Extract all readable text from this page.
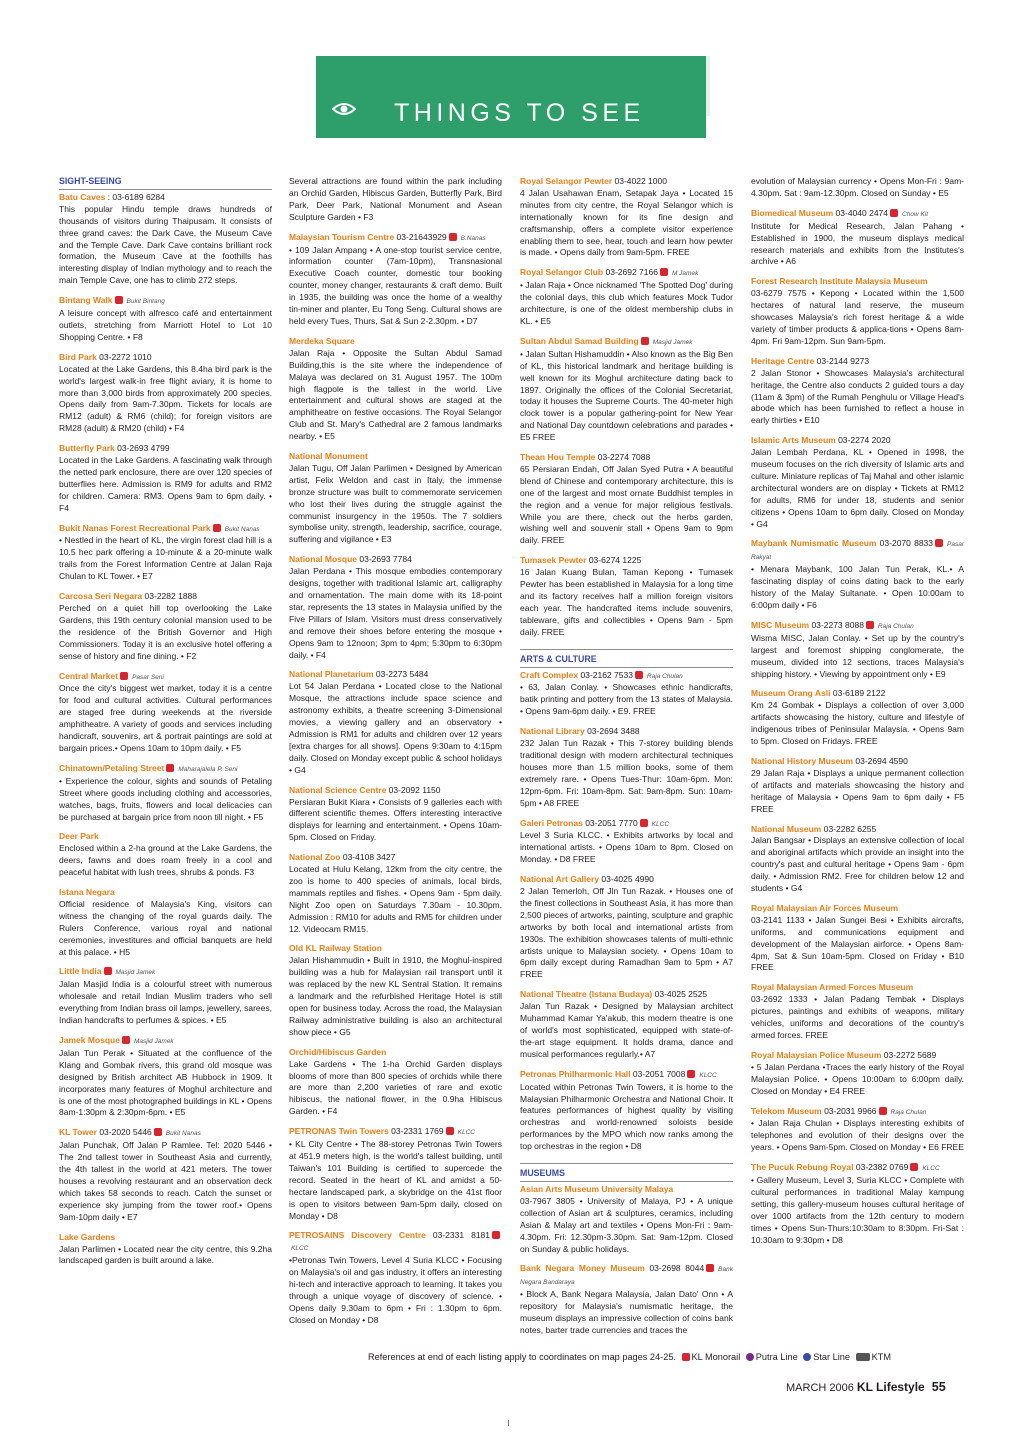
THINGS TO SEE
SIGHT-SEEING
Batu Caves : 03-6189 6284
This popular Hindu temple draws hundreds of thousands of visitors during Thaipusam. It consists of three grand caves: the Dark Cave, the Museum Cave and the Temple Cave. Dark Cave contains brilliant rock formation, the Museum Cave at the foothills has interesting display of Indian mythology and to reach the main Temple Cave, one has to climb 272 steps.
Bintang Walk Bukit Bintang
A leisure concept with alfresco café and entertainment outlets, stretching from Marriott Hotel to Lot 10 Shopping Centre. • F8
Bird Park 03-2272 1010
Located at the Lake Gardens, this 8.4ha bird park is the world's largest walk-in free flight aviary, it is home to more than 3,000 birds from approximately 200 species. Opens daily from 9am-7.30pm. Tickets for locals are RM12 (adult) & RM6 (child); for foreign visitors are RM28 (adult) & RM20 (child) • F4
Butterfly Park 03-2693 4799
Located in the Lake Gardens. A fascinating walk through the netted park enclosure, there are over 120 species of butterflies here. Admission is RM9 for adults and RM2 for children. Camera: RM3. Opens 9am to 6pm daily. • F4
Bukit Nanas Forest Recreational Park Bukit Nanas
• Nestled in the heart of KL, the virgin forest clad hill is a 10.5 hec park offering a 10-minute & a 20-minute walk trails from the Forest Information Centre at Jalan Raja Chulan to KL Tower. • E7
Carcosa Seri Negara 03-2282 1888
Perched on a quiet hill top overlooking the Lake Gardens, this 19th century colonial mansion used to be the residence of the British Governor and High Commissioners. Today it is an exclusive hotel offering a sense of history and fine dining. • F2
Central Market Pasar Seni
Once the city's biggest wet market, today it is a centre for food and cultural activities. Cultural performances are staged free during weekends at the riverside amphitheatre. A variety of goods and services including handicraft, souvenirs, art & portrait paintings are sold at bargain prices.• Opens 10am to 10pm daily. • F5
Chinatown/Petaling Street Maharajalela P. Seni
• Experience the colour, sights and sounds of Petaling Street where goods including clothing and accessories, watches, bags, fruits, flowers and local delicacies can be purchased at bargain price from noon till night. • F5
Deer Park
Enclosed within a 2-ha ground at the Lake Gardens, the deers, fawns and does roam freely in a cool and peaceful habitat with lush trees, shrubs & ponds. F3
Istana Negara
Official residence of Malaysia's King, visitors can witness the changing of the royal guards daily. The Rulers Conference, various royal and national ceremonies, investitures and official banquets are held at this palace. • H5
Little India Masjid Jamek
Jalan Masjid India is a colourful street with numerous wholesale and retail Indian Muslim traders who sell everything from Indian brass oil lamps, jewellery, sarees, Indian handcrafts to perfumes & spices. • E5
Jamek Mosque Masjid Jamek
Jalan Tun Perak • Situated at the confluence of the Klang and Gombak rivers, this grand old mosque was designed by British architect AB Hubbock in 1909. It incorporates many features of Moghul architecture and is one of the most photographed buildings in KL • Opens 8am-1:30pm & 2:30pm-6pm. • E5
KL Tower 03-2020 5446 Bukit Nanas
Jalan Punchak, Off Jalan P Ramlee. Tel: 2020 5446 • The 2nd tallest tower in Southeast Asia and currently, the 4th tallest in the world at 421 meters. The tower houses a revolving restaurant and an observation deck which takes 58 seconds to reach. Catch the sunset or experience sky jumping from the tower roof.• Opens 9am-10pm daily • E7
Lake Gardens
Jalan Parlimen • Located near the city centre, this 9.2ha landscaped garden is built around a lake.
Several attractions are found within the park including an Orchid Garden, Hibiscus Garden, Butterfly Park, Bird Park, Deer Park, National Monument and Asean Sculpture Garden • F3
Malaysian Tourism Centre 03-21643929 B.Nanas
• 109 Jalan Ampang • A one-stop tourist service centre, information counter (7am-10pm), Transnasional Executive Coach counter, domestic tour booking counter, money changer, restaurants & craft demo. Built in 1935, the building was once the home of a wealthy tin-miner and planter, Eu Tong Seng. Cultural shows are held every Tues, Thurs, Sat & Sun 2-2.30pm. • D7
Merdeka Square
Jalan Raja • Opposite the Sultan Abdul Samad Building,this is the site where the independence of Malaya was declared on 31 August 1957. The 100m high flagpole is the tallest in the world. Live entertainment and cultural shows are staged at the amphitheatre on festive occasions. The Royal Selangor Club and St. Mary's Cathedral are 2 famous landmarks nearby. • E5
National Monument
Jalan Tugu, Off Jalan Parlimen • Designed by American artist, Felix Weldon and cast in Italy, the immense bronze structure was built to commemorate servicemen who lost their lives during the struggle against the communist insurgency in the 1950s. The 7 soldiers symbolise unity, strength, leadership, sacrifice, courage, suffering and vigilance • E3
National Mosque 03-2693 7784
Jalan Perdana • This mosque embodies contemporary designs, together with traditional Islamic art, calligraphy and ornamentation. The main dome with its 18-point star, represents the 13 states in Malaysia unified by the Five Pillars of Islam. Visitors must dress conservatively and remove their shoes before entering the mosque • Opens 9am to 12noon; 3pm to 4pm; 5:30pm to 6:30pm daily. • F4
National Planetarium 03-2273 5484
Lot 54 Jalan Perdana • Located close to the National Mosque, the attractions include space science and astronomy exhibits, a theatre screening 3-Dimensional movies, a viewing gallery and an observatory • Admission is RM1 for adults and children over 12 years [extra charges for all shows]. Opens 9:30am to 4:15pm daily. Closed on Monday except public & school holidays • G4
National Science Centre 03-2092 1150
Persiaran Bukit Kiara • Consists of 9 galleries each with different scientific themes. Offers interesting interactive displays for learning and entertainment. • Opens 10am-5pm. Closed on Friday.
National Zoo 03-4108 3427
Located at Hulu Kelang, 12km from the city centre, the zoo is home to 400 species of animals, local birds, mammals reptiles and fishes. • Opens 9am - 5pm daily. Night Zoo open on Saturdays 7.30am - 10.30pm. Admission : RM10 for adults and RM5 for children under 12. Videocam RM15.
Old KL Railway Station
Jalan Hishammudin • Built in 1910, the Moghul-inspired building was a hub for Malaysian rail transport until it was replaced by the new KL Sentral Station. It remains a landmark and the refurbished Heritage Hotel is still open for business today. Across the road, the Malaysian Railway administrative building is also an architectural show piece • G5
Orchid/Hibiscus Garden
Lake Gardens • The 1-ha Orchid Garden displays blooms of more than 800 species of orchids while there are more than 2,200 varieties of rare and exotic hibiscus, the national flower, in the 0.9ha Hibiscus Garden. • F4
PETRONAS Twin Towers 03-2331 1769 KLCC
• KL City Centre • The 88-storey Petronas Twin Towers at 451.9 meters high, is the world's tallest building, until Taiwan's 101 Building is certified to supercede the record. Seated in the heart of KL and amidst a 50-hectare landscaped park, a skybridge on the 41st floor is open to visitors between 9am-5pm daily, closed on Monday • D8
PETROSAINS Discovery Centre 03-2331 8181KLCC
•Petronas Twin Towers, Level 4 Suria KLCC • Focusing on Malaysia's oil and gas industry, it offers an interesting hi-tech and interactive approach to learning. It takes you through a unique voyage of discovery of science. • Opens daily 9.30am to 6pm • Fri : 1.30pm to 6pm. Closed on Monday • D8
Royal Selangor Pewter 03-4022 1000
4 Jalan Usahawan Enam, Setapak Jaya • Located 15 minutes from city centre, the Royal Selangor which is internationally known for its fine design and craftsmanship, offers a complete visitor experience enabling them to see, hear, touch and learn how pewter is made. • Opens daily from 9am-5pm. FREE
Royal Selangor Club 03-2692 7166 M Jamek
• Jalan Raja • Once nicknamed 'The Spotted Dog' during the colonial days, this club which features Mock Tudor architecture, is one of the oldest membership clubs in KL. • E5
Sultan Abdul Samad Building Masjid Jamek
• Jalan Sultan Hishamuddin • Also known as the Big Ben of KL, this historical landmark and heritage building is well known for its Moghul architecture dating back to 1897. Originally the offices of the Colonial Secretariat, today it houses the Supreme Courts. The 40-meter high clock tower is a popular gathering-point for New Year and National Day countdown celebrations and parades • E5 FREE
Thean Hou Temple 03-2274 7088
65 Persiaran Endah, Off Jalan Syed Putra • A beautiful blend of Chinese and contemporary architecture, this is one of the largest and most ornate Buddhist temples in the region and a venue for major religious festivals. While you are there, check out the herbs garden, wishing well and souvenir stall • Opens 9am to 9pm daily. FREE
Tumasek Pewter 03-6274 1225
16 Jalan Kuang Bulan, Taman Kepong • Tumasek Pewter has been established in Malaysia for a long time and its factory receives half a million foreign visitors each year. The handcrafted items include souvenirs, tableware, gifts and collectibles • Opens 9am - 5pm daily. FREE
ARTS & CULTURE
Craft Complex 03-2162 7533 Raja Chulan
• 63, Jalan Conlay. • Showcases ethnic handicrafts, batik printing and pottery from the 13 states of Malaysia. • Opens 9am-6pm daily. • E9. FREE
National Library 03-2694 3488
232 Jalan Tun Razak • This 7-storey building blends traditional design with modern architectural techniques houses more than 1.5 million books, some of them extremely rare. • Opens Tues-Thur: 10am-6pm. Mon: 12pm-6pm. Fri: 10am-8pm. Sat: 9am-8pm. Sun: 10am-5pm • A8 FREE
Galeri Petronas 03-2051 7770 KLCC
Level 3 Suria KLCC. • Exhibits artworks by local and international artists. • Opens 10am to 8pm. Closed on Monday. • D8 FREE
National Art Gallery 03-4025 4990
2 Jalan Temerloh, Off Jln Tun Razak. • Houses one of the finest collections in Southeast Asia, it has more than 2,500 pieces of artworks, painting, sculpture and graphic artworks by both local and international artists from 1930s. The exhibition showcases talents of multi-ethnic artists unique to Malaysian society. • Opens 10am to 6pm daily except during Ramadhan 9am to 5pm • A7 FREE
National Theatre (Istana Budaya) 03-4025 2525
Jalan Tun Razak • Designed by Malaysian architect Muhammad Kamar Ya'akub, this modern theatre is one of world's most sophisticated, equipped with state-of-the-art stage equipment. It holds drama, dance and musical performances regularly.• A7
Petronas Philharmonic Hall 03-2051 7008 KLCC
Located within Petronas Twin Towers, it is home to the Malaysian Philharmonic Orchestra and National Choir. It features performances of highest quality by visiting orchestras and world-renowned soloists beside performances by the MPO which now ranks among the top orchestras in the region • D8
MUSEUMS
Asian Arts Museum University Malaya
03-7967 3805 • University of Malaya, PJ • A unique collection of Asian art & sculptures, ceramics, including Asian & Malay art and textiles • Opens Mon-Fri : 9am-4.30pm. Fri: 12.30pm-3.30pm. Sat: 9am-12pm. Closed on Sunday & public holidays.
Bank Negara Money Museum 03-2698 8044 Bank Negara Bandaraya
• Block A, Bank Negara Malaysia, Jalan Dato' Onn • A repository for Malaysia's numismatic heritage, the museum displays an impressive collection of coins bank notes, barter trade currencies and traces the
evolution of Malaysian currency • Opens Mon-Fri : 9am-4.30pm. Sat : 9am-12.30pm. Closed on Sunday • E5
Biomedical Museum 03-4040 2474 Chow Kit
Institute for Medical Research, Jalan Pahang • Established in 1900, the museum displays medical research materials and exhibits from the Institutes's archive • A6
Forest Research Institute Malaysia Museum
03-6279 7575 • Kepong • Located within the 1,500 hectares of natural land reserve, the museum showcases Malaysia's rich forest heritage & a wide variety of timber products & applica-tions • Opens 8am-4pm. Fri 9am-12pm. Sun 9am-5pm.
Heritage Centre 03-2144 9273
2 Jalan Stonor • Showcases Malaysia's architectural heritage, the Centre also conducts 2 guided tours a day (11am & 3pm) of the Rumah Penghulu or Village Head's abode which has been furnished to reflect a house in early thirties • E10
Islamic Arts Museum 03-2274 2020
Jalan Lembah Perdana, KL • Opened in 1998, the museum focuses on the rich diversity of Islamic arts and culture. Miniature replicas of Taj Mahal and other islamic architectural wonders are on display • Tickets at RM12 for adults, RM6 for under 18, students and senior citizens • Opens 10am to 6pm daily. Closed on Monday • G4
Maybank Numismatic Museum 03-2070 8833 Pasar Rakyat
• Menara Maybank, 100 Jalan Tun Perak, KL.• A fascinating display of coins dating back to the early history of the Malay Sultanate. • Open 10:00am to 6:00pm daily • F6
MISC Museum 03-2273 8088 Raja Chulan
Wisma MISC, Jalan Conlay. • Set up by the country's largest and foremost shipping conglomerate, the museum, divided into 12 sections, traces Malaysia's shipping history. • Viewing by appointment only • E9
Museum Orang Asli 03-6189 2122
Km 24 Gombak • Displays a collection of over 3,000 artifacts showcasing the history, culture and lifestyle of indigenous tribes of Peninsular Malaysia. • Opens 9am to 5pm. Closed on Fridays. FREE
National History Museum 03-2694 4590
29 Jalan Raja • Displays a unique permanent collection of artifacts and materials showcasing the history and heritage of Malaysia • Opens 9am to 6pm daily • F5 FREE
National Museum 03-2282 6255
Jalan Bangsar • Displays an extensive collection of local and aboriginal artifacts which provide an insight into the country's past and cultural heritage • Opens 9am - 6pm daily. • Admission RM2. Free for children below 12 and students • G4
Royal Malaysian Air Forces Museum
03-2141 1133 • Jalan Sungei Besi • Exhibits aircrafts, uniforms, and communications equipment and development of the Malaysian airforce. • Opens 8am-4pm, Sat & Sun 10am-5pm. Closed on Friday • B10 FREE
Royal Malaysian Armed Forces Museum
03-2692 1333 • Jalan Padang Tembak • Displays pictures, paintings and exhibits of weapons, military vehicles, uniforms and decorations of the country's armed forces. FREE
Royal Malaysian Police Museum 03-2272 5689
• 5 Jalan Perdana •Traces the early history of the Royal Malaysian Police. • Opens 10:00am to 6:00pm daily. Closed on Monday • E4 FREE
Telekom Museum 03-2031 9966 Raja Chulan
• Jalan Raja Chulan • Displays interesting exhibits of telephones and evolution of their designs over the years. • Opens 9am-5pm. Closed on Monday • E6 FREE
The Pucuk Rebung Royal 03-2382 0769 KLCC
• Gallery Museum, Level 3, Suria KLCC • Complete with cultural performances in traditional Malay kampung setting, this gallery-museum houses cultural heritage of over 1000 artifacts from the 12th century to modern times • Opens Sun-Thurs:10:30am to 8:30pm. Fri-Sat : 10:30am to 9:30pm • D8
References at end of each listing apply to coordinates on map pages 24-25. KL Monorail Putra Line Star Line KTM
MARCH 2006 KL Lifestyle 55
